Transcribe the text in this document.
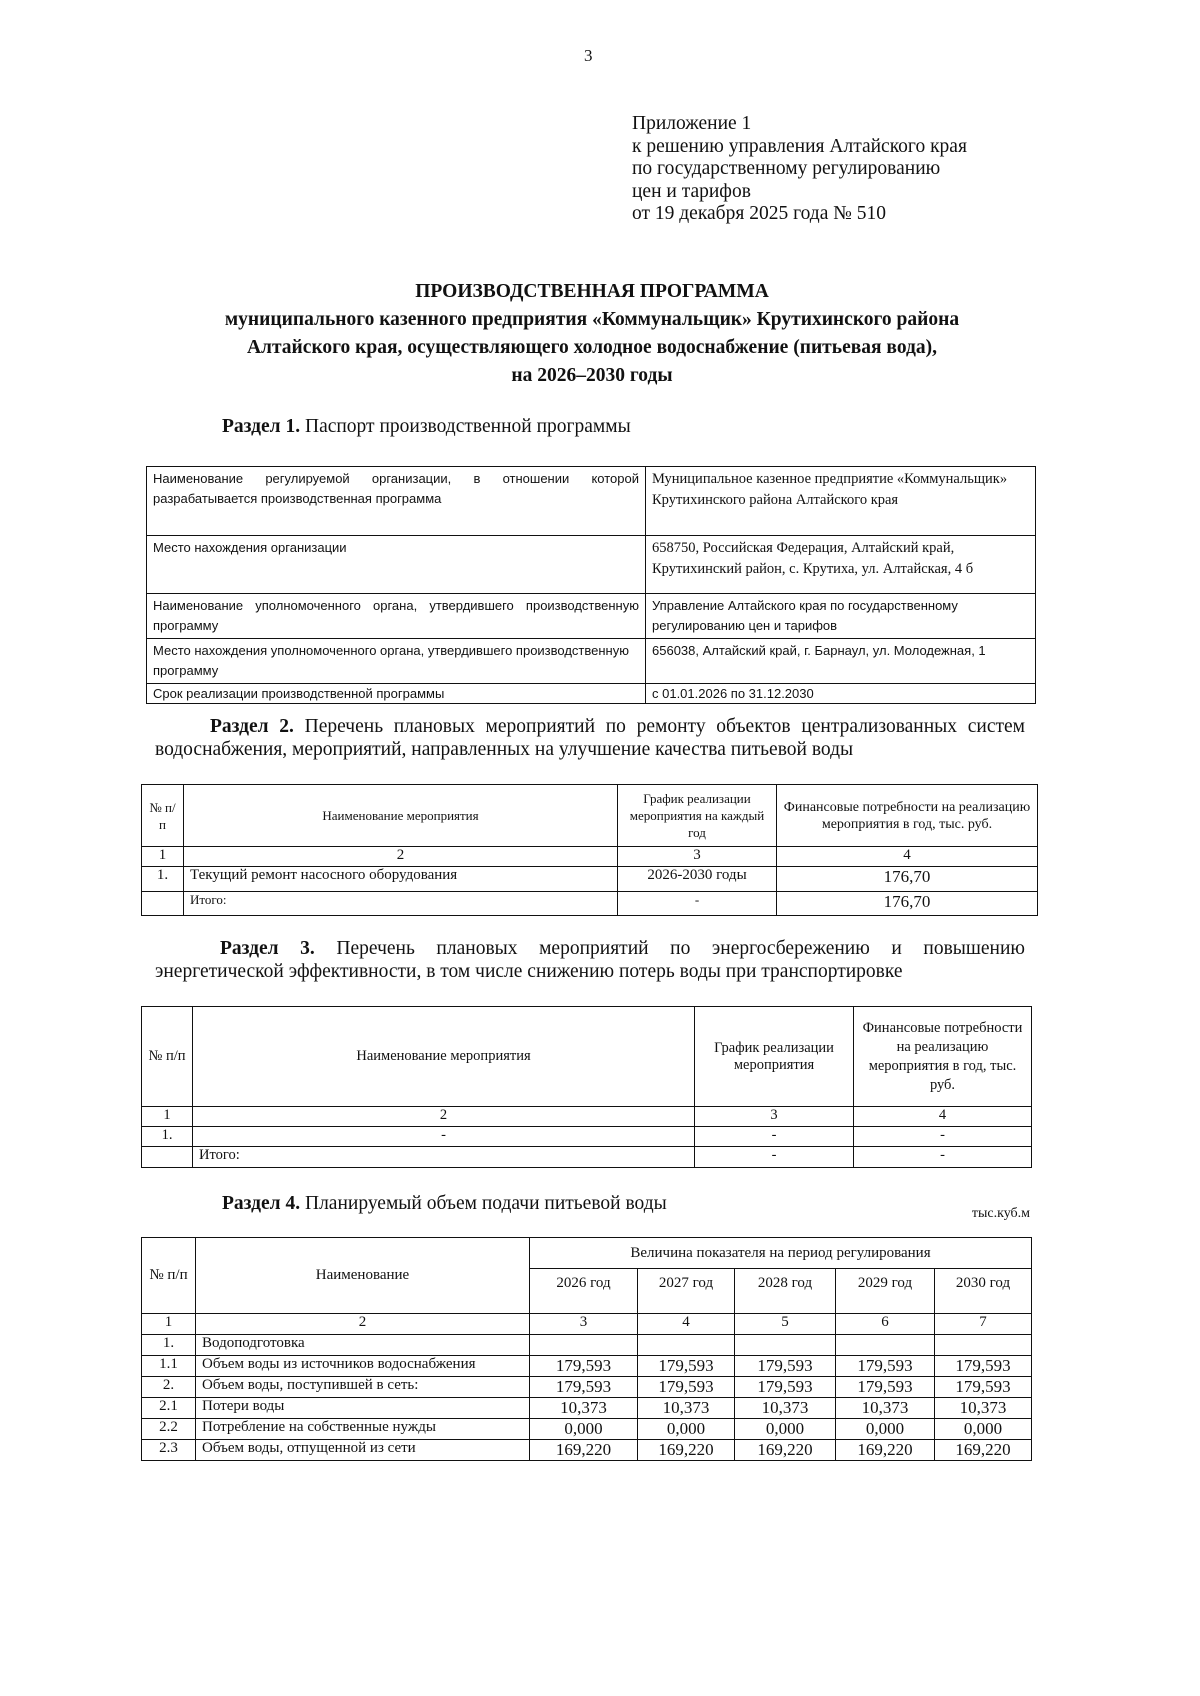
3
Приложение 1
к решению управления Алтайского края
по государственному регулированию
цен и тарифов
от 19 декабря 2025 года № 510
ПРОИЗВОДСТВЕННАЯ ПРОГРАММА
муниципального казенного предприятия «Коммунальщик» Крутихинского района
Алтайского края, осуществляющего холодное водоснабжение (питьевая вода),
на 2026–2030 годы
Раздел 1. Паспорт производственной программы
Наименование регулируемой организации, в отношении которой разрабатывается производственная программа	Муниципальное казенное предприятие «Коммунальщик» Крутихинского района Алтайского края
Место нахождения организации	658750, Российская Федерация, Алтайский край, Крутихинский район, с. Крутиха, ул. Алтайская, 4 б
Наименование уполномоченного органа, утвердившего производственную программу	Управление Алтайского края по государственному регулированию цен и тарифов
Место нахождения уполномоченного органа, утвердившего производственную программу	656038, Алтайский край, г. Барнаул, ул. Молодежная, 1
Срок реализации производственной программы	с 01.01.2026 по 31.12.2030
Раздел 2. Перечень плановых мероприятий по ремонту объектов централизованных систем водоснабжения, мероприятий, направленных на улучшение качества питьевой воды
№ п/п	Наименование мероприятия	График реализации мероприятия на каждый год	Финансовые потребности на реализацию мероприятия в год, тыс. руб.
1	2	3	4
1.	Текущий ремонт насосного оборудования	2026-2030 годы	176,70
	Итого:	-	176,70
Раздел 3. Перечень плановых мероприятий по энергосбережению и повышению энергетической эффективности, в том числе снижению потерь воды при транспортировке
№ п/п	Наименование мероприятия	График реализации мероприятия	Финансовые потребности на реализацию мероприятия в год, тыс. руб.
1	2	3	4
1.	-	-	-
	Итого:	-	-
Раздел 4. Планируемый объем подачи питьевой воды	тыс.куб.м
№ п/п	Наименование	Величина показателя на период регулирования				
		2026 год	2027 год	2028 год	2029 год	2030 год
1	2	3	4	5	6	7
1.	Водоподготовка					
1.1	Объем воды из источников водоснабжения	179,593	179,593	179,593	179,593	179,593
2.	Объем воды, поступившей в сеть:	179,593	179,593	179,593	179,593	179,593
2.1	Потери воды	10,373	10,373	10,373	10,373	10,373
2.2	Потребление на собственные нужды	0,000	0,000	0,000	0,000	0,000
2.3	Объем воды, отпущенной из сети	169,220	169,220	169,220	169,220	169,220
